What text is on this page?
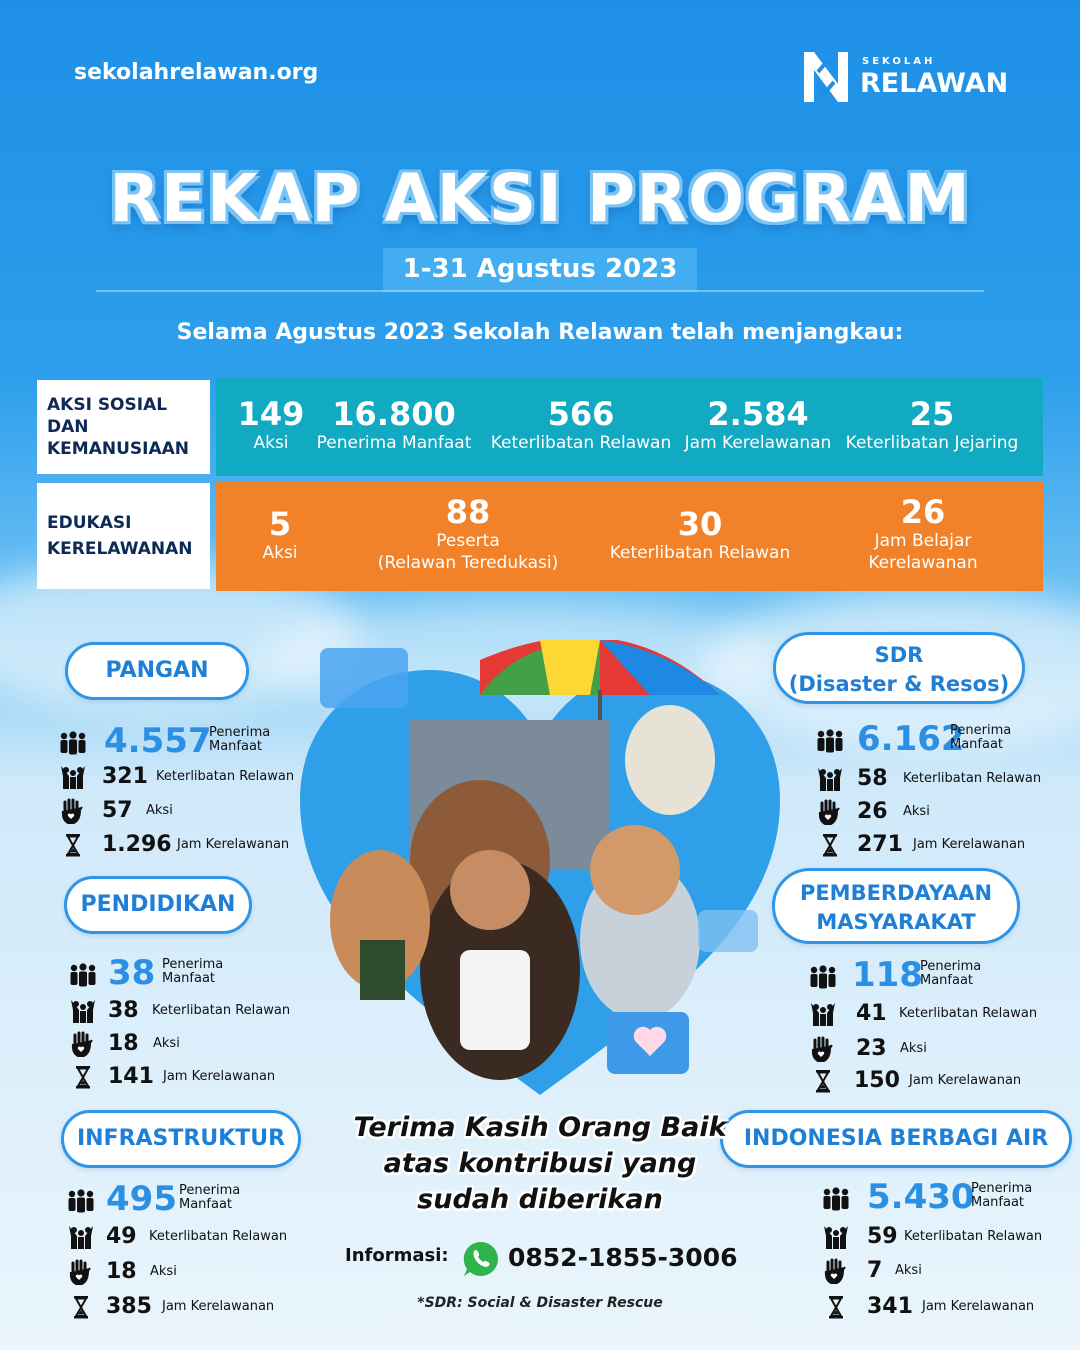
sekolahrelawan.org	SEKOLAH
RELAWAN
REKAP AKSI PROGRAM
1-31 Agustus 2023
Selama Agustus 2023 Sekolah Relawan telah menjangkau:
AKSI SOSIAL DAN
KEMANUSIAAN
149
Aksi
16.800
Penerima Manfaat
566
Keterlibatan Relawan
2.584
Jam Kerelawanan
25
Keterlibatan Jejaring
EDUKASI
KERELAWANAN
5
Aksi
88
Peserta
(Relawan Teredukasi)
30
Keterlibatan Relawan
26
Jam Belajar
Kerelawanan
PANGAN
4.557
Penerima
Manfaat
321 Keterlibatan Relawan
57 Aksi
1.296 Jam Kerelawanan
PENDIDIKAN
38 Penerima
Manfaat
38 Keterlibatan Relawan
18 Aksi
141 Jam Kerelawanan
INFRASTRUKTUR
495 Penerima
Manfaat
49 Keterlibatan Relawan
18 Aksi
385 Jam Kerelawanan
SDR
(Disaster & Resos)
6.162
Penerima
Manfaat
58 Keterlibatan Relawan
26 Aksi
271 Jam Kerelawanan
PEMBERDAYAAN
MASYARAKAT
118
Penerima
Manfaat
41 Keterlibatan Relawan
23 Aksi
150 Jam Kerelawanan
INDONESIA BERBAGI AIR
5.430
Penerima
Manfaat
59 Keterlibatan Relawan
7 Aksi
341 Jam Kerelawanan
Terima Kasih Orang Baik
atas kontribusi yang
sudah diberikan
Informasi: 0852-1855-3006
*SDR: Social & Disaster Rescue
